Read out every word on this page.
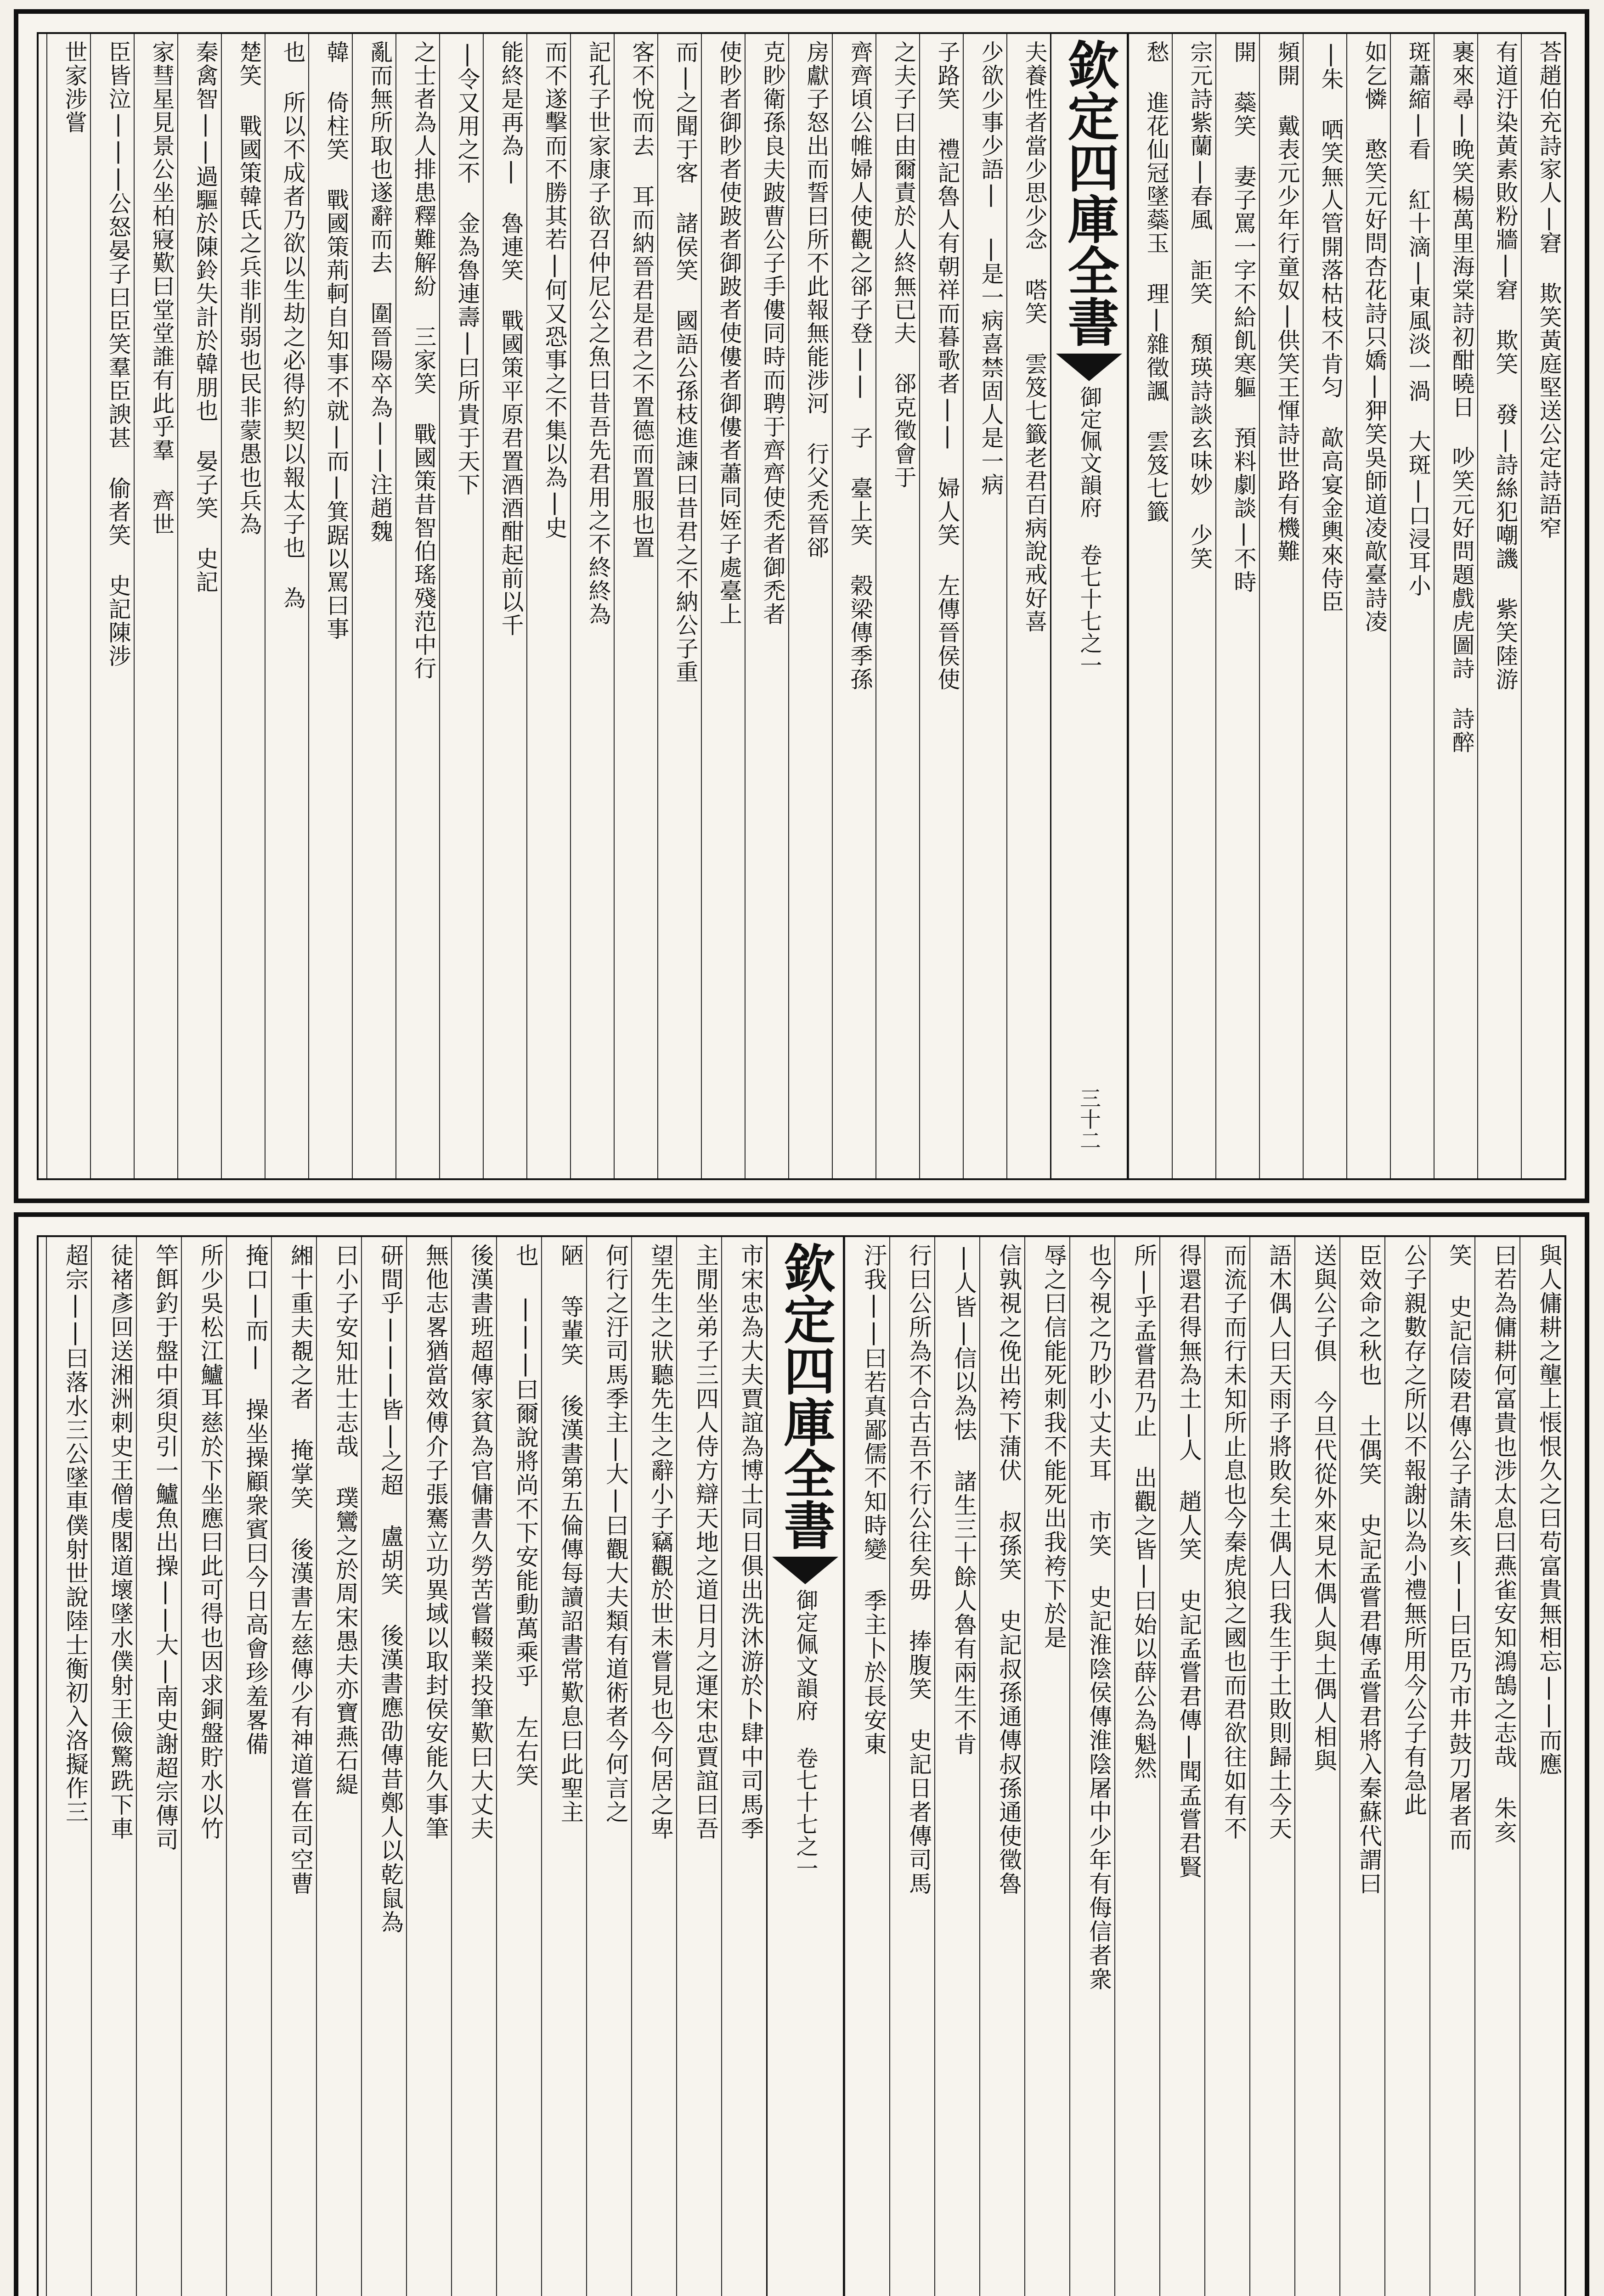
荅趙伯充詩家人|窘 欺笑黃庭堅送公定詩語窄
有道汙染黃素敗粉牆|窘 欺笑 發|詩絲犯嘲譏 紫笑陸游
裹來尋|晚笑楊萬里海棠詩初酣曉日 吵笑元好問題戲虎圖詩 詩醉
斑蕭縮|看 紅十滴|東風淡一渦 大斑|口浸耳小
如乞憐 憨笑元好問杏花詩只嬌|狎笑吳師道凌歊臺詩凌
|朱 哂笑無人管開落枯枝不肯匀 歊高宴金輿來侍臣
頻開 戴表元少年行童奴|供笑王惲詩世路有機難
開 蘂笑 妻子罵一字不給飢寒軀 預料劇談|不時
宗元詩紫蘭|春風 詎笑 頽瑛詩談玄味妙 少笑
愁 進花仙冠墜蘂玉 理|雜徵諷 雲笈七籤
欽定四庫全書
御定佩文韻府 卷七十七之一
三十二
夫養性者當少思少念 嗒笑 雲笈七籤老君百病說戒好喜
少欲少事少語| |是一病喜禁固人是一病
子路笑 禮記魯人有朝祥而暮歌者|| 婦人笑 左傳晉侯使
之夫子曰由爾責於人終無已夫 郤克徵會于
齊齊頃公帷婦人使觀之郤子登|| 子 臺上笑 榖梁傳季孫
房獻子怒出而誓曰所不此報無能涉河 行父禿晉郤
克眇衛孫良夫跛曹公子手僂同時而聘于齊齊使禿者御禿者
使眇者御眇者使跛者御跛者使僂者御僂者蕭同姪子處臺上
而|之聞于客 諸侯笑 國語公孫枝進諫曰昔君之不納公子重
客不悅而去 耳而納晉君是君之不置德而置服也置
記孔子世家康子欲召仲尼公之魚曰昔吾先君用之不終終為
而不遂擊而不勝其若|何又恐事之不集以為|史
能終是再為| 魯連笑 戰國策平原君置酒酒酣起前以千
|令又用之不 金為魯連壽|曰所貴于天下
之士者為人排患釋難解紛 三家笑 戰國策昔智伯瑤殘范中行
亂而無所取也遂辭而去 圍晉陽卒為||注趙魏
韓 倚柱笑 戰國策荊軻自知事不就|而|箕踞以罵曰事
也 所以不成者乃欲以生劫之必得約契以報太子也 為
楚笑 戰國策韓氏之兵非削弱也民非蒙愚也兵為
秦禽智||過驅於陳鈴失計於韓朋也 晏子笑 史記
家彗星見景公坐柏寢歎曰堂堂誰有此乎羣 齊世
臣皆泣|||公怒晏子曰臣笑羣臣諛甚 偷者笑 史記陳涉
世家涉嘗
與人傭耕之壟上悵恨久之曰苟富貴無相忘||而應
曰若為傭耕何富貴也涉太息曰燕雀安知鴻鵠之志哉 朱亥
笑 史記信陵君傳公子請朱亥||曰臣乃市井鼓刀屠者而
公子親數存之所以不報謝以為小禮無所用今公子有急此
臣效命之秋也 土偶笑 史記孟嘗君傳孟嘗君將入秦蘇代謂曰
送與公子俱 今旦代從外來見木偶人與土偶人相與
語木偶人曰天雨子將敗矣土偶人曰我生于土敗則歸土今天
而流子而行未知所止息也今秦虎狼之國也而君欲往如有不
得還君得無為土|人 趙人笑 史記孟嘗君傳|聞孟嘗君賢
所|乎孟嘗君乃止 出觀之皆|曰始以薛公為魁然
也今視之乃眇小丈夫耳 市笑 史記淮陰侯傳淮陰屠中少年有侮信者衆
辱之曰信能死刺我不能死出我袴下於是
信孰視之俛出袴下蒲伏 叔孫笑 史記叔孫通傳叔孫通使徵魯
|人皆|信以為怯 諸生三十餘人魯有兩生不肯
行曰公所為不合古吾不行公往矣毋 捧腹笑 史記日者傳司馬
汙我||曰若真鄙儒不知時變 季主卜於長安東
欽定四庫全書
御定佩文韻府 卷七十七之一
市宋忠為大夫賈誼為博士同日俱出洗沐游於卜肆中司馬季
主閒坐弟子三四人侍方辯天地之道日月之運宋忠賈誼曰吾
望先生之狀聽先生之辭小子竊觀於世未嘗見也今何居之卑
何行之汙司馬季主|大|曰觀大夫類有道術者今何言之
陋 等輩笑 後漢書第五倫傳每讀詔書常歎息曰此聖主
也 |||曰爾說將尚不下安能動萬乘乎 左右笑
後漢書班超傳家貧為官傭書久勞苦嘗輟業投筆歎曰大丈夫
無他志畧猶當效傅介子張騫立功異域以取封侯安能久事筆
研間乎|||皆|之超 盧胡笑 後漢書應劭傳昔鄭人以乾鼠為
曰小子安知壯士志哉 璞鸞之於周宋愚夫亦寶燕石緹
緗十重夫覩之者 掩掌笑 後漢書左慈傳少有神道嘗在司空曹
掩口|而| 操坐操顧衆賓曰今日高會珍羞畧備
所少吳松江鱸耳慈於下坐應曰此可得也因求銅盤貯水以竹
竿餌釣于盤中須臾引一鱸魚出操||大|南史謝超宗傳司
徒褚彥回送湘洲刺史王僧虔閣道壞墜水僕射王儉驚跣下車
超宗||曰落水三公墜車僕射世說陸士衡初入洛擬作三
